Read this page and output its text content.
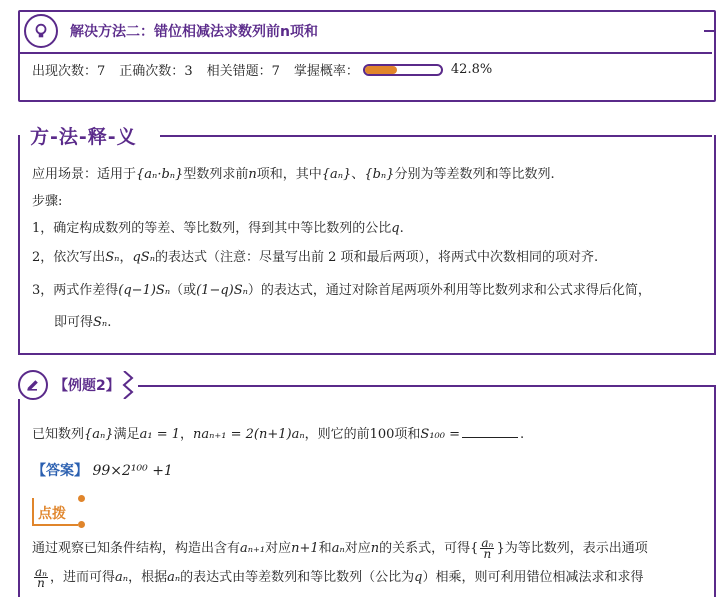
解决方法二：错位相减法求数列前n项和
出现次数：7 正确次数：3 相关错题：7 掌握概率：	42.8%
方-法-释-义
应用场景：适用于{aₙ·bₙ}型数列求前n项和，其中{aₙ}、{bₙ}分别为等差数列和等比数列.
步骤:
1，确定构成数列的等差、等比数列，得到其中等比数列的公比q.
2，依次写出Sₙ，qSₙ的表达式（注意：尽量写出前 2 项和最后两项），将两式中次数相同的项对齐.
3，两式作差得(q−1)Sₙ（或(1−q)Sₙ）的表达式，通过对除首尾两项外利用等比数列求和公式求得后化简，
即可得Sₙ.
【例题2】
已知数列{aₙ}满足a₁ = 1，naₙ₊₁ = 2(n+1)aₙ，则它的前100项和S₁₀₀ =	.
【答案】 99×2¹⁰⁰ +1
点拨
通过观察已知条件结构，构造出含有aₙ₊₁对应n+1和aₙ对应n的关系式，可得{ $\frac{\text{aₙ}}{n}$ }为等比数列，表示出通项
$\frac{\text{aₙ}}{n}$ ，进而可得aₙ，根据aₙ的表达式由等差数列和等比数列（公比为q）相乘，则可利用错位相减法求和求得
